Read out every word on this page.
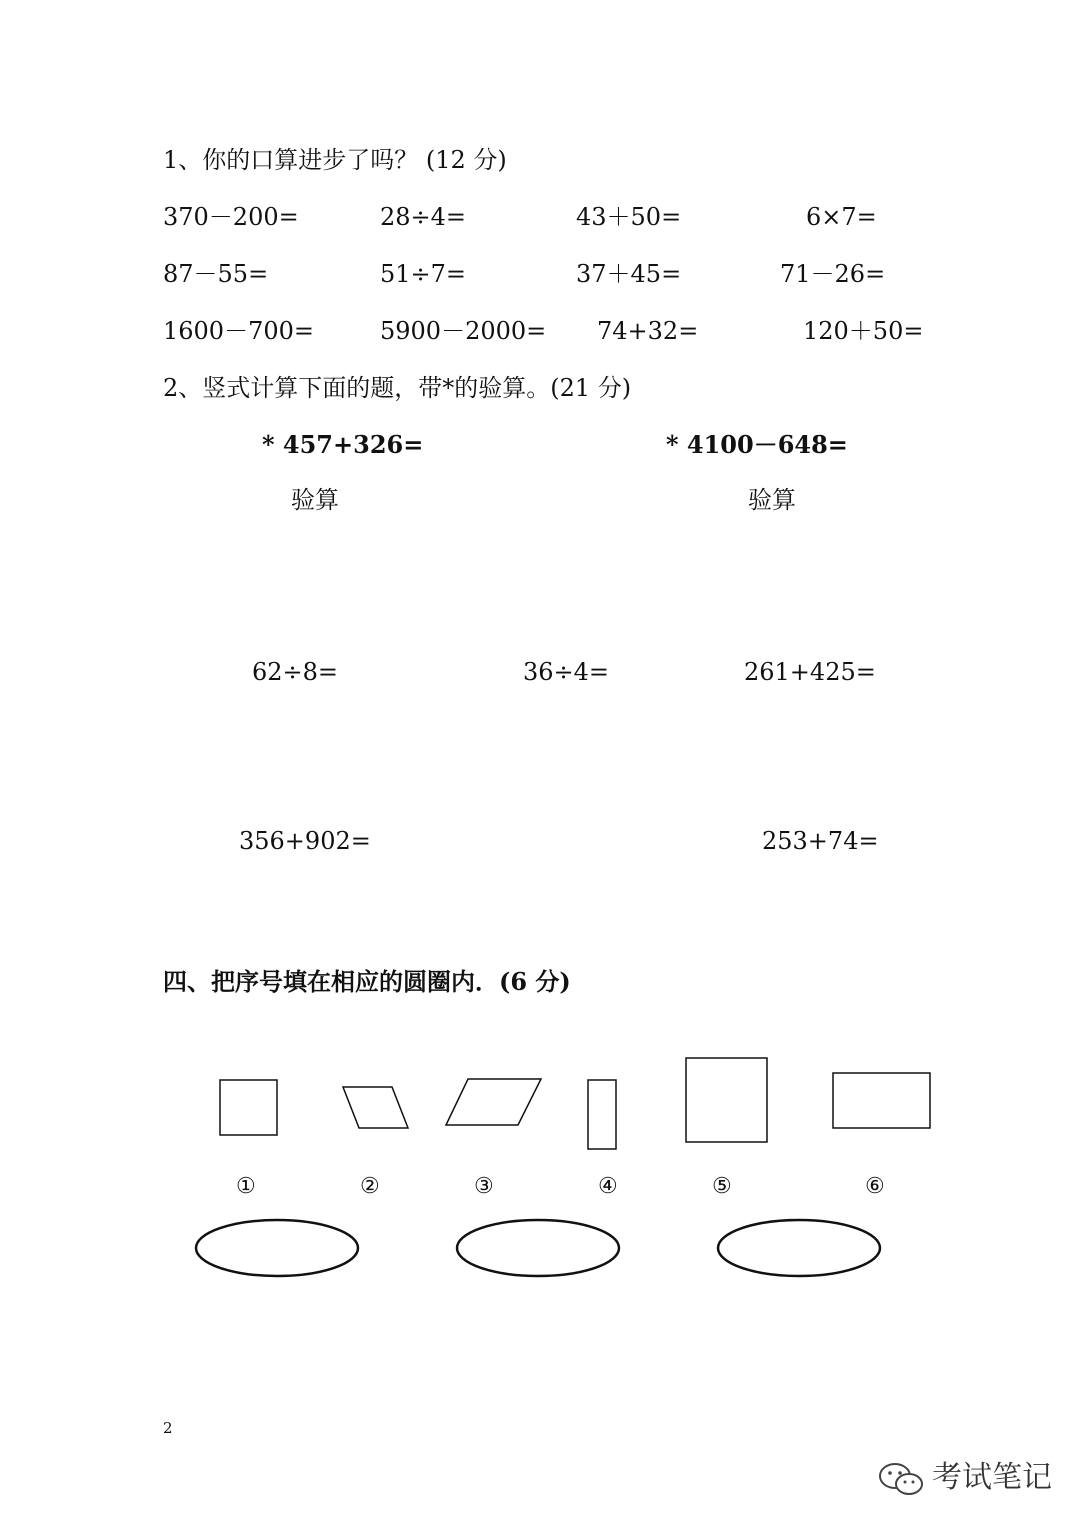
1、你的口算进步了吗？ (12 分)
370－200=	28÷4=	43＋50=	6×7=
87－55=	51÷7=	37＋45=	71－26=
1600－700=	5900－2000= 74+32=	120＋50=
2、竖式计算下面的题，带*的验算。(21 分)
* 457+326=	* 4100－648=
验算	验算
62÷8=	36÷4=	261+425=
356+902=	253+74=
四、把序号填在相应的圆圈内．(6 分)
①	②	③	④	⑤	⑥
2
考试笔记
